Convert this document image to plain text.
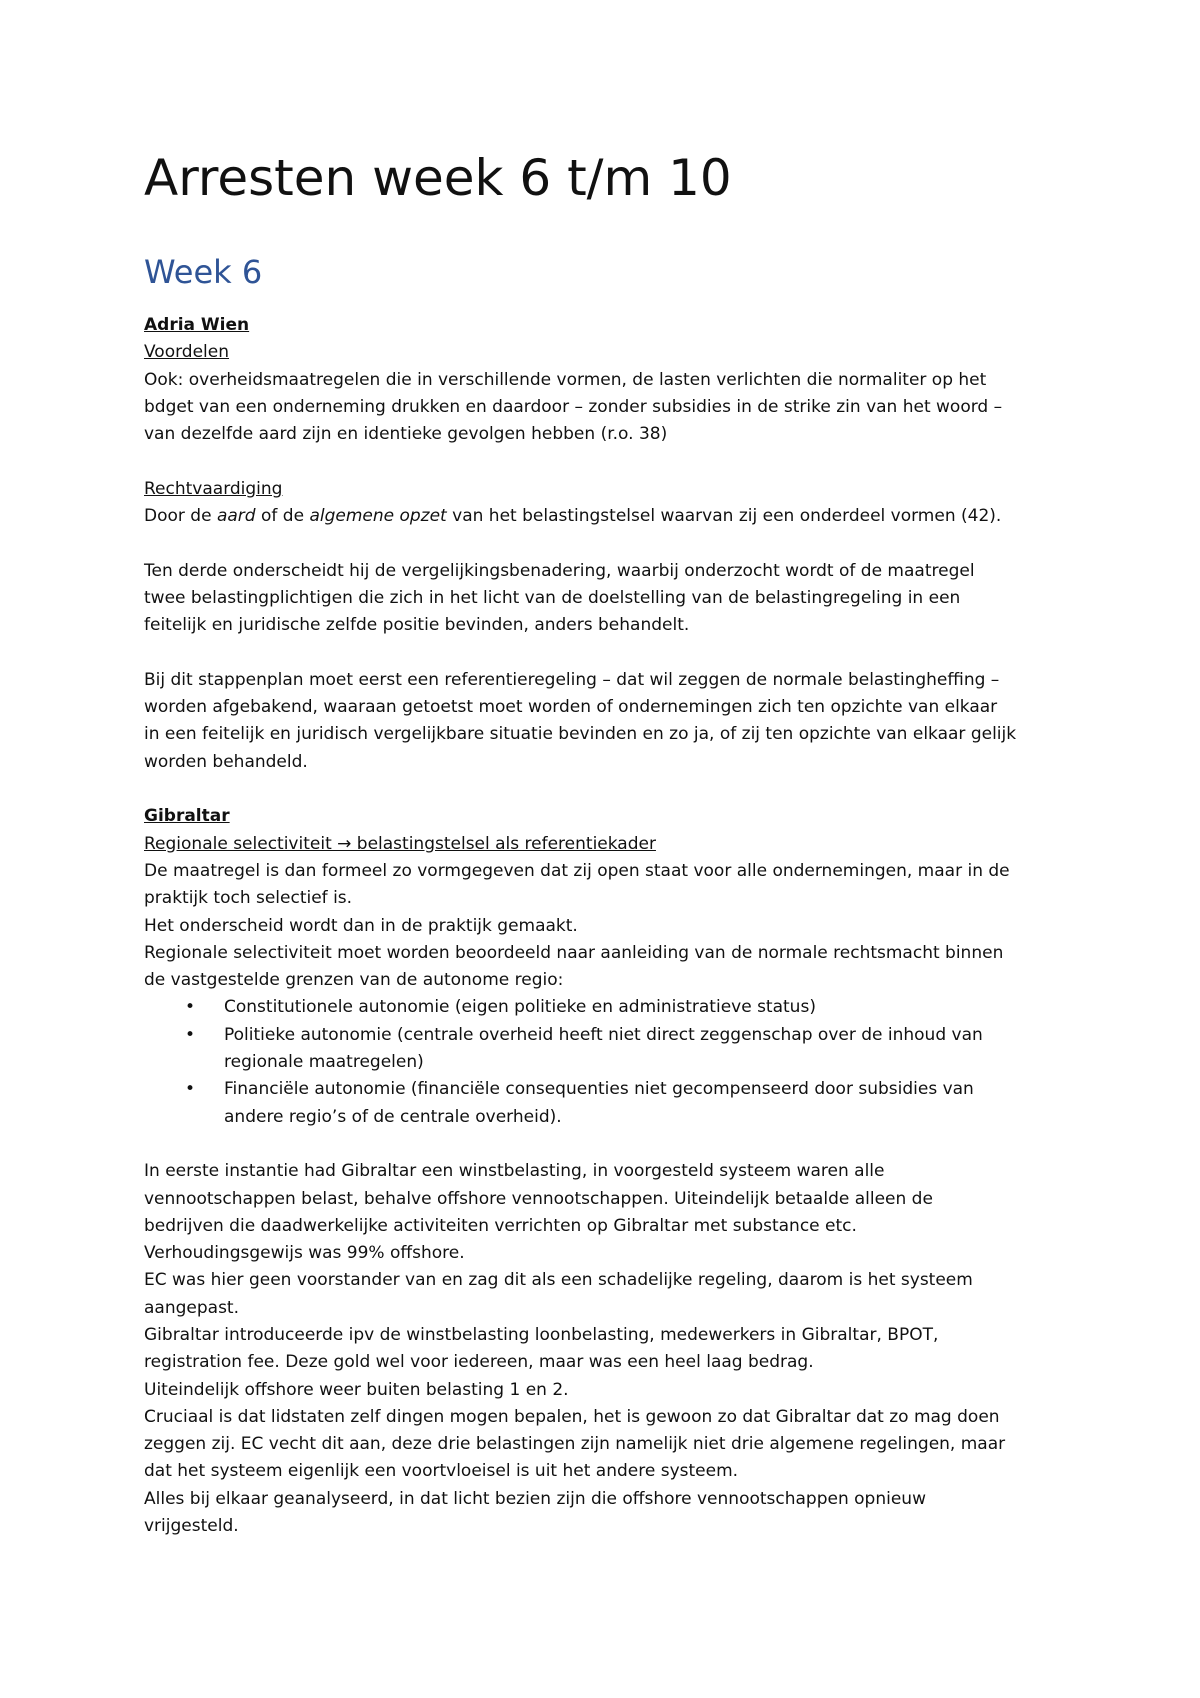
Arresten week 6 t/m 10
Week 6
Adria Wien
Voordelen
Ook: overheidsmaatregelen die in verschillende vormen, de lasten verlichten die normaliter op het
bdget van een onderneming drukken en daardoor – zonder subsidies in de strike zin van het woord –
van dezelfde aard zijn en identieke gevolgen hebben (r.o. 38)
Rechtvaardiging
Door de aard of de algemene opzet van het belastingstelsel waarvan zij een onderdeel vormen (42).
Ten derde onderscheidt hij de vergelijkingsbenadering, waarbij onderzocht wordt of de maatregel
twee belastingplichtigen die zich in het licht van de doelstelling van de belastingregeling in een
feitelijk en juridische zelfde positie bevinden, anders behandelt.
Bij dit stappenplan moet eerst een referentieregeling – dat wil zeggen de normale belastingheffing –
worden afgebakend, waaraan getoetst moet worden of ondernemingen zich ten opzichte van elkaar
in een feitelijk en juridisch vergelijkbare situatie bevinden en zo ja, of zij ten opzichte van elkaar gelijk
worden behandeld.
Gibraltar
Regionale selectiviteit → belastingstelsel als referentiekader
De maatregel is dan formeel zo vormgegeven dat zij open staat voor alle ondernemingen, maar in de
praktijk toch selectief is.
Het onderscheid wordt dan in de praktijk gemaakt.
Regionale selectiviteit moet worden beoordeeld naar aanleiding van de normale rechtsmacht binnen
de vastgestelde grenzen van de autonome regio:
• Constitutionele autonomie (eigen politieke en administratieve status)
• Politieke autonomie (centrale overheid heeft niet direct zeggenschap over de inhoud van
regionale maatregelen)
• Financiële autonomie (financiële consequenties niet gecompenseerd door subsidies van
andere regio’s of de centrale overheid).
In eerste instantie had Gibraltar een winstbelasting, in voorgesteld systeem waren alle
vennootschappen belast, behalve offshore vennootschappen. Uiteindelijk betaalde alleen de
bedrijven die daadwerkelijke activiteiten verrichten op Gibraltar met substance etc.
Verhoudingsgewijs was 99% offshore.
EC was hier geen voorstander van en zag dit als een schadelijke regeling, daarom is het systeem
aangepast.
Gibraltar introduceerde ipv de winstbelasting loonbelasting, medewerkers in Gibraltar, BPOT,
registration fee. Deze gold wel voor iedereen, maar was een heel laag bedrag.
Uiteindelijk offshore weer buiten belasting 1 en 2.
Cruciaal is dat lidstaten zelf dingen mogen bepalen, het is gewoon zo dat Gibraltar dat zo mag doen
zeggen zij. EC vecht dit aan, deze drie belastingen zijn namelijk niet drie algemene regelingen, maar
dat het systeem eigenlijk een voortvloeisel is uit het andere systeem.
Alles bij elkaar geanalyseerd, in dat licht bezien zijn die offshore vennootschappen opnieuw
vrijgesteld.
